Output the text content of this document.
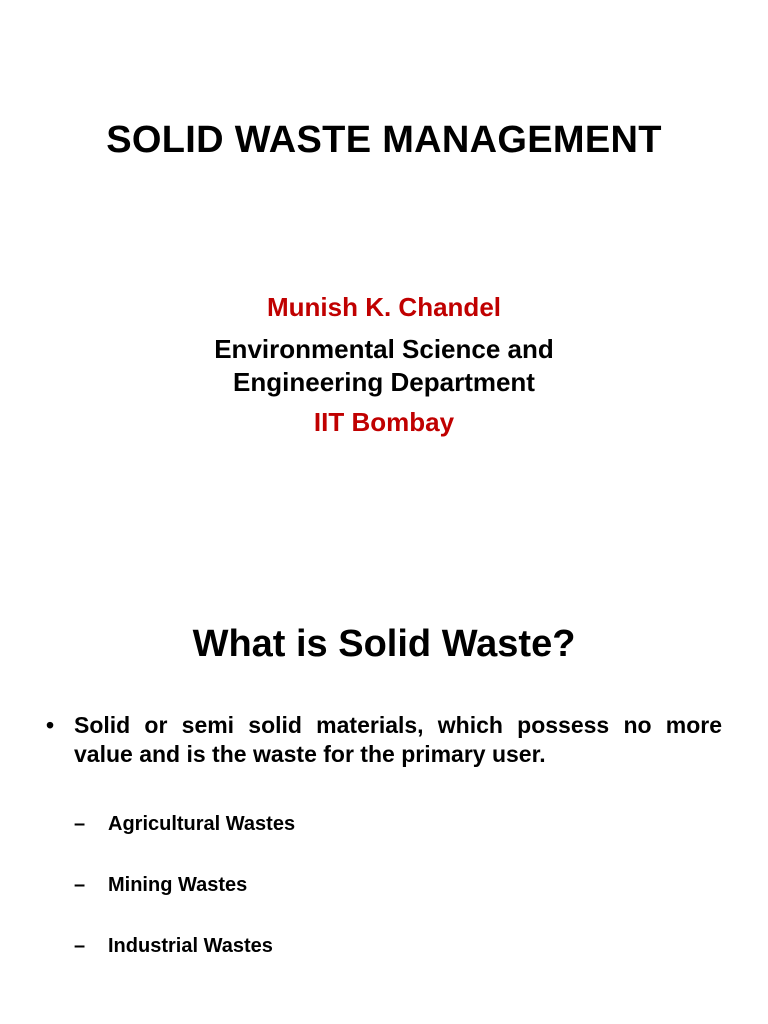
SOLID WASTE MANAGEMENT
Munish K. Chandel
Environmental Science and
Engineering Department
IIT Bombay
What is Solid Waste?
• Solid or semi solid materials, which possess no more value and is the waste for the primary user.
– Agricultural Wastes
– Mining Wastes
– Industrial Wastes
